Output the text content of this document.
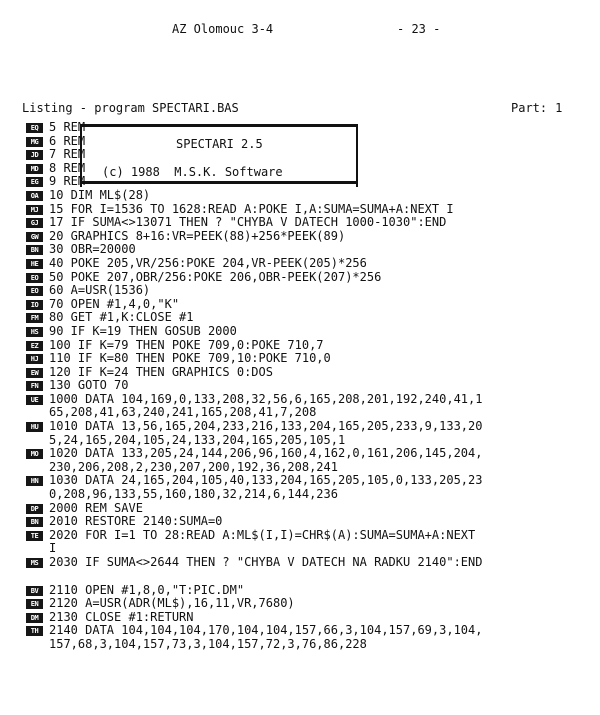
AZ Olomouc 3-4	- 23 -
Listing - program SPECTARI.BAS	Part: 1
SPECTARI 2.5
(c) 1988  M.S.K. Software
EQ 5 REM
MG 6 REM
JD 7 REM
MD 8 REM
EG 9 REM
OA 10 DIM ML$(28)
MJ 15 FOR I=1536 TO 1628:READ A:POKE I,A:SUMA=SUMA+A:NEXT I
GJ 17 IF SUMA<>13071 THEN ? "CHYBA V DATECH 1000-1030":END
GW 20 GRAPHICS 8+16:VR=PEEK(88)+256*PEEK(89)
BN 30 OBR=20000
HE 40 POKE 205,VR/256:POKE 204,VR-PEEK(205)*256
EO 50 POKE 207,OBR/256:POKE 206,OBR-PEEK(207)*256
EO 60 A=USR(1536)
IO 70 OPEN #1,4,0,"K"
FM 80 GET #1,K:CLOSE #1
HS 90 IF K=19 THEN GOSUB 2000
EZ 100 IF K=79 THEN POKE 709,0:POKE 710,7
HJ 110 IF K=80 THEN POKE 709,10:POKE 710,0
EW 120 IF K=24 THEN GRAPHICS 0:DOS
FN 130 GOTO 70
UE 1000 DATA 104,169,0,133,208,32,56,6,165,208,201,192,240,41,1
65,208,41,63,240,241,165,208,41,7,208
HU 1010 DATA 13,56,165,204,233,216,133,204,165,205,233,9,133,20
5,24,165,204,105,24,133,204,165,205,105,1
MO 1020 DATA 133,205,24,144,206,96,160,4,162,0,161,206,145,204,
230,206,208,2,230,207,200,192,36,208,241
HN 1030 DATA 24,165,204,105,40,133,204,165,205,105,0,133,205,23
0,208,96,133,55,160,180,32,214,6,144,236
DP 2000 REM SAVE
BN 2010 RESTORE 2140:SUMA=0
TE 2020 FOR I=1 TO 28:READ A:ML$(I,I)=CHR$(A):SUMA=SUMA+A:NEXT
I
MS 2030 IF SUMA<>2644 THEN ? "CHYBA V DATECH NA RADKU 2140":END
BV 2110 OPEN #1,8,0,"T:PIC.DM"
EN 2120 A=USR(ADR(ML$),16,11,VR,7680)
DM 2130 CLOSE #1:RETURN
TH 2140 DATA 104,104,104,170,104,104,157,66,3,104,157,69,3,104,
157,68,3,104,157,73,3,104,157,72,3,76,86,228
